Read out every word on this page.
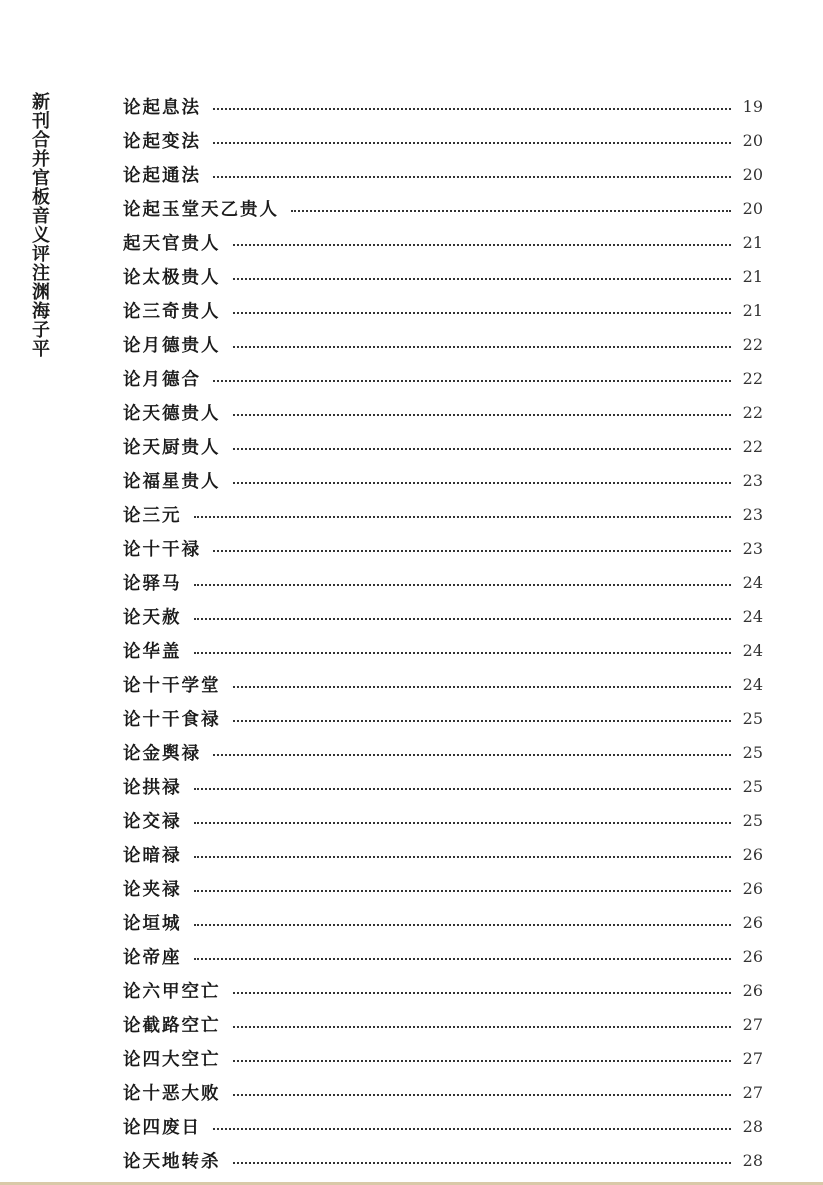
新刊合并官板音义评注渊海子平	论起息法	19
论起变法	20
论起通法	20
论起玉堂天乙贵人	20
起天官贵人	21
论太极贵人	21
论三奇贵人	21
论月德贵人	22
论月德合	22
论天德贵人	22
论天厨贵人	22
论福星贵人	23
论三元	23
论十干禄	23
论驿马	24
论天赦	24
论华盖	24
论十干学堂	24
论十干食禄	25
论金舆禄	25
论拱禄	25
论交禄	25
论暗禄	26
论夹禄	26
论垣城	26
论帝座	26
论六甲空亡	26
论截路空亡	27
论四大空亡	27
论十恶大败	27
论四废日	28
论天地转杀	28
